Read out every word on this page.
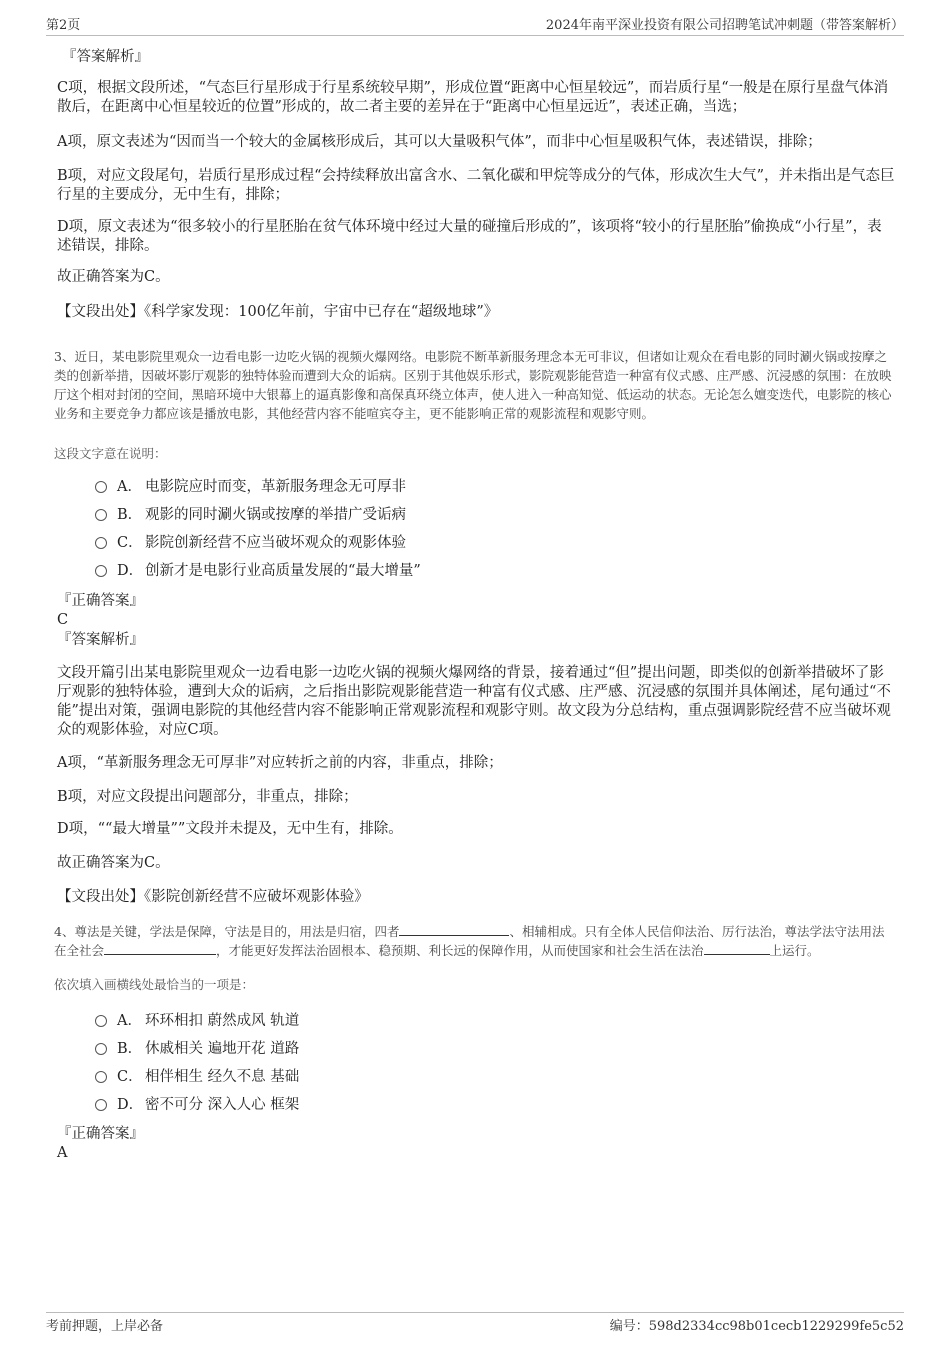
第2页	2024年南平深业投资有限公司招聘笔试冲刺题（带答案解析）
『答案解析』

C项，根据文段所述，“气态巨行星形成于行星系统较早期”，形成位置“距离中心恒星较远”，而岩质行星“一般是在原行星盘气体消散后，在距离中心恒星较近的位置”形成的，故二者主要的差异在于“距离中心恒星远近”，表述正确，当选；

A项，原文表述为“因而当一个较大的金属核形成后，其可以大量吸积气体”，而非中心恒星吸积气体，表述错误，排除；

B项，对应文段尾句，岩质行星形成过程“会持续释放出富含水、二氧化碳和甲烷等成分的气体，形成次生大气”，并未指出是气态巨行星的主要成分，无中生有，排除；

D项，原文表述为“很多较小的行星胚胎在贫气体环境中经过大量的碰撞后形成的”，该项将“较小的行星胚胎”偷换成“小行星”，表述错误，排除。

故正确答案为C。

【文段出处】《科学家发现：100亿年前，宇宙中已存在“超级地球”》

3、近日，某电影院里观众一边看电影一边吃火锅的视频火爆网络。电影院不断革新服务理念本无可非议，但诸如让观众在看电影的同时涮火锅或按摩之类的创新举措，因破坏影厅观影的独特体验而遭到大众的诟病。区别于其他娱乐形式，影院观影能营造一种富有仪式感、庄严感、沉浸感的氛围：在放映厅这个相对封闭的空间，黑暗环境中大银幕上的逼真影像和高保真环绕立体声，使人进入一种高知觉、低运动的状态。无论怎么嬗变迭代，电影院的核心业务和主要竞争力都应该是播放电影，其他经营内容不能喧宾夺主，更不能影响正常的观影流程和观影守则。

这段文字意在说明：

A． 电影院应时而变，革新服务理念无可厚非
B． 观影的同时涮火锅或按摩的举措广受诟病
C． 影院创新经营不应当破坏观众的观影体验
D． 创新才是电影行业高质量发展的“最大增量”
『正确答案』
C
『答案解析』

文段开篇引出某电影院里观众一边看电影一边吃火锅的视频火爆网络的背景，接着通过“但”提出问题，即类似的创新举措破坏了影厅观影的独特体验，遭到大众的诟病，之后指出影院观影能营造一种富有仪式感、庄严感、沉浸感的氛围并具体阐述，尾句通过“不能”提出对策，强调电影院的其他经营内容不能影响正常观影流程和观影守则。故文段为分总结构，重点强调影院经营不应当破坏观众的观影体验，对应C项。

A项，“革新服务理念无可厚非”对应转折之前的内容，非重点，排除；

B项，对应文段提出问题部分，非重点，排除；

D项，““最大增量””文段并未提及，无中生有，排除。

故正确答案为C。

【文段出处】《影院创新经营不应破坏观影体验》

4、尊法是关键，学法是保障，守法是目的，用法是归宿，四者	、相辅相成。只有全体人民信仰法治、厉行法治，尊法学法守法用法在全社会	，才能更好发挥法治固根本、稳预期、利长远的保障作用，从而使国家和社会生活在法治	上运行。

依次填入画横线处最恰当的一项是：

A． 环环相扣 蔚然成风 轨道
B． 休戚相关 遍地开花 道路
C． 相伴相生 经久不息 基础
D． 密不可分 深入人心 框架
『正确答案』
A
考前押题，上岸必备	编号：598d2334cc98b01cecb1229299fe5c52
